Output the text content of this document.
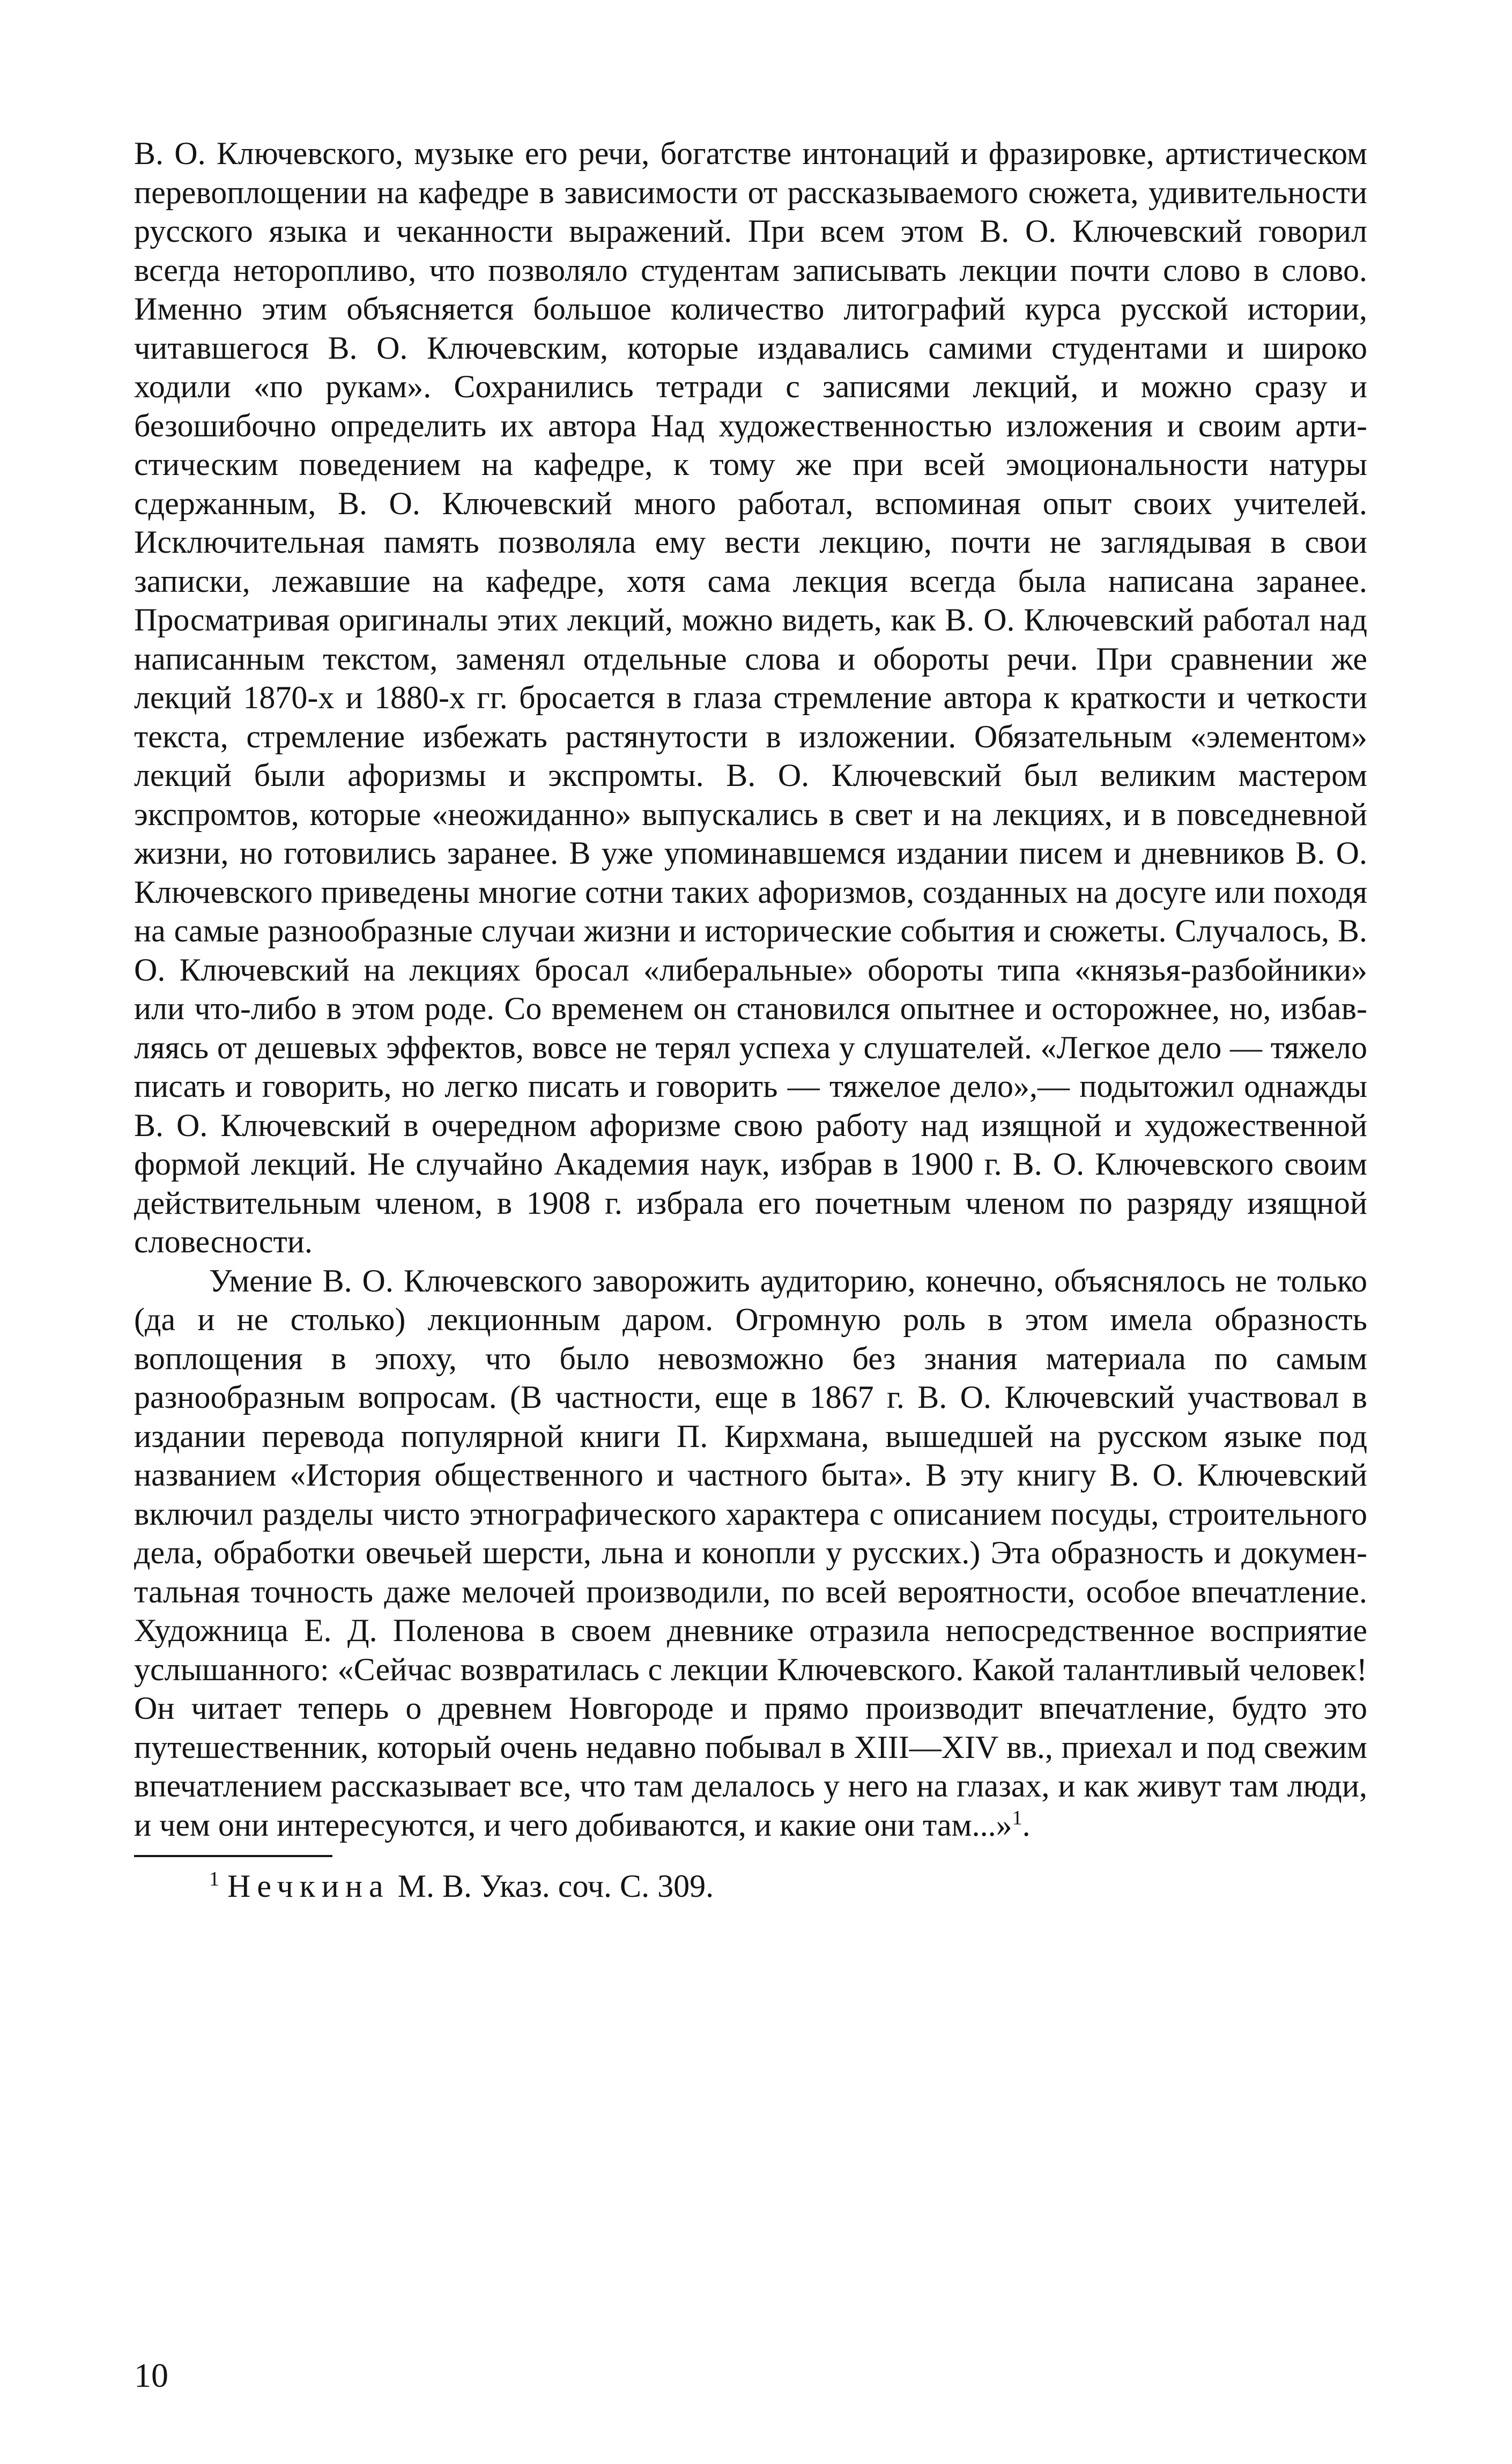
В. О. Ключевского, музыке его речи, богатстве интонаций и фразировке, артистическом перевоплощении на кафедре в зависимости от рассказываемого сюжета, удивительности русского языка и чеканности выражений. При всем этом В. О. Ключевский говорил всегда неторопливо, что позволяло студентам записывать лекции почти слово в слово. Именно этим объясняется большое количество литографий курса русской истории, читавшегося В. О. Ключевским, которые издавались самими студентами и широко ходили «по рукам». Сохранились тетради с записями лекций, и можно сразу и безошибочно определить их автора Над художественностью изложения и своим артистическим поведением на кафедре, к тому же при всей эмоциональности натуры сдержанным, В. О. Ключевский много работал, вспоминая опыт своих учителей. Исключительная память позволяла ему вести лекцию, почти не заглядывая в свои записки, лежавшие на кафедре, хотя сама лекция всегда была написана заранее. Просматривая оригиналы этих лекций, можно видеть, как В. О. Ключевский работал над написанным текстом, заменял отдельные слова и обороты речи. При сравнении же лекций 1870-х и 1880-х гг. бросается в глаза стремление автора к краткости и четкости текста, стремление избежать растянутости в изложении. Обязательным «элементом» лекций были афоризмы и экспромты. В. О. Ключевский был великим мастером экспромтов, которые «неожиданно» выпускались в свет и на лекциях, и в повседневной жизни, но готовились заранее. В уже упоминавшемся издании писем и дневников В. О. Ключевского приведены многие сотни таких афоризмов, созданных на досуге или походя на самые разнообразные случаи жизни и исторические события и сюжеты. Случалось, В. О. Ключевский на лекциях бросал «либеральные» обороты типа «князья-разбойники» или что-либо в этом роде. Со временем он становился опытнее и осторожнее, но, избавляясь от дешевых эффектов, вовсе не терял успеха у слушателей. «Легкое дело — тяжело писать и говорить, но легко писать и говорить — тяжелое дело»,— подытожил однажды В. О. Ключевский в очередном афоризме свою работу над изящной и художественной формой лекций. Не случайно Академия наук, избрав в 1900 г. В. О. Ключевского своим действительным членом, в 1908 г. избрала его почетным членом по разряду изящной словесности.

Умение В. О. Ключевского заворожить аудиторию, конечно, объяснялось не только (да и не столько) лекционным даром. Огромную роль в этом имела образность воплощения в эпоху, что было невозможно без знания материала по самым разнообразным вопросам. (В частности, еще в 1867 г. В. О. Ключевский участвовал в издании перевода популярной книги П. Кирхмана, вышедшей на русском языке под названием «История общественного и частного быта». В эту книгу В. О. Ключевский включил разделы чисто этнографического характера с описанием посуды, строительного дела, обработки овечьей шерсти, льна и конопли у русских.) Эта образность и документальная точность даже мелочей производили, по всей вероятности, особое впечатление. Художница Е. Д. Поленова в своем дневнике отразила непосредственное восприятие услышанного: «Сейчас возвратилась с лекции Ключевского. Какой талантливый человек! Он читает теперь о древнем Новгороде и прямо производит впечатление, будто это путешественник, который очень недавно побывал в XIII—XIV вв., приехал и под свежим впечатлением рассказывает все, что там делалось у него на глазах, и как живут там люди, и чем они интересуются, и чего добиваются, и какие они там...»$^1$.

$^1$ Нечкина М. В. Указ. соч. С. 309.

10
